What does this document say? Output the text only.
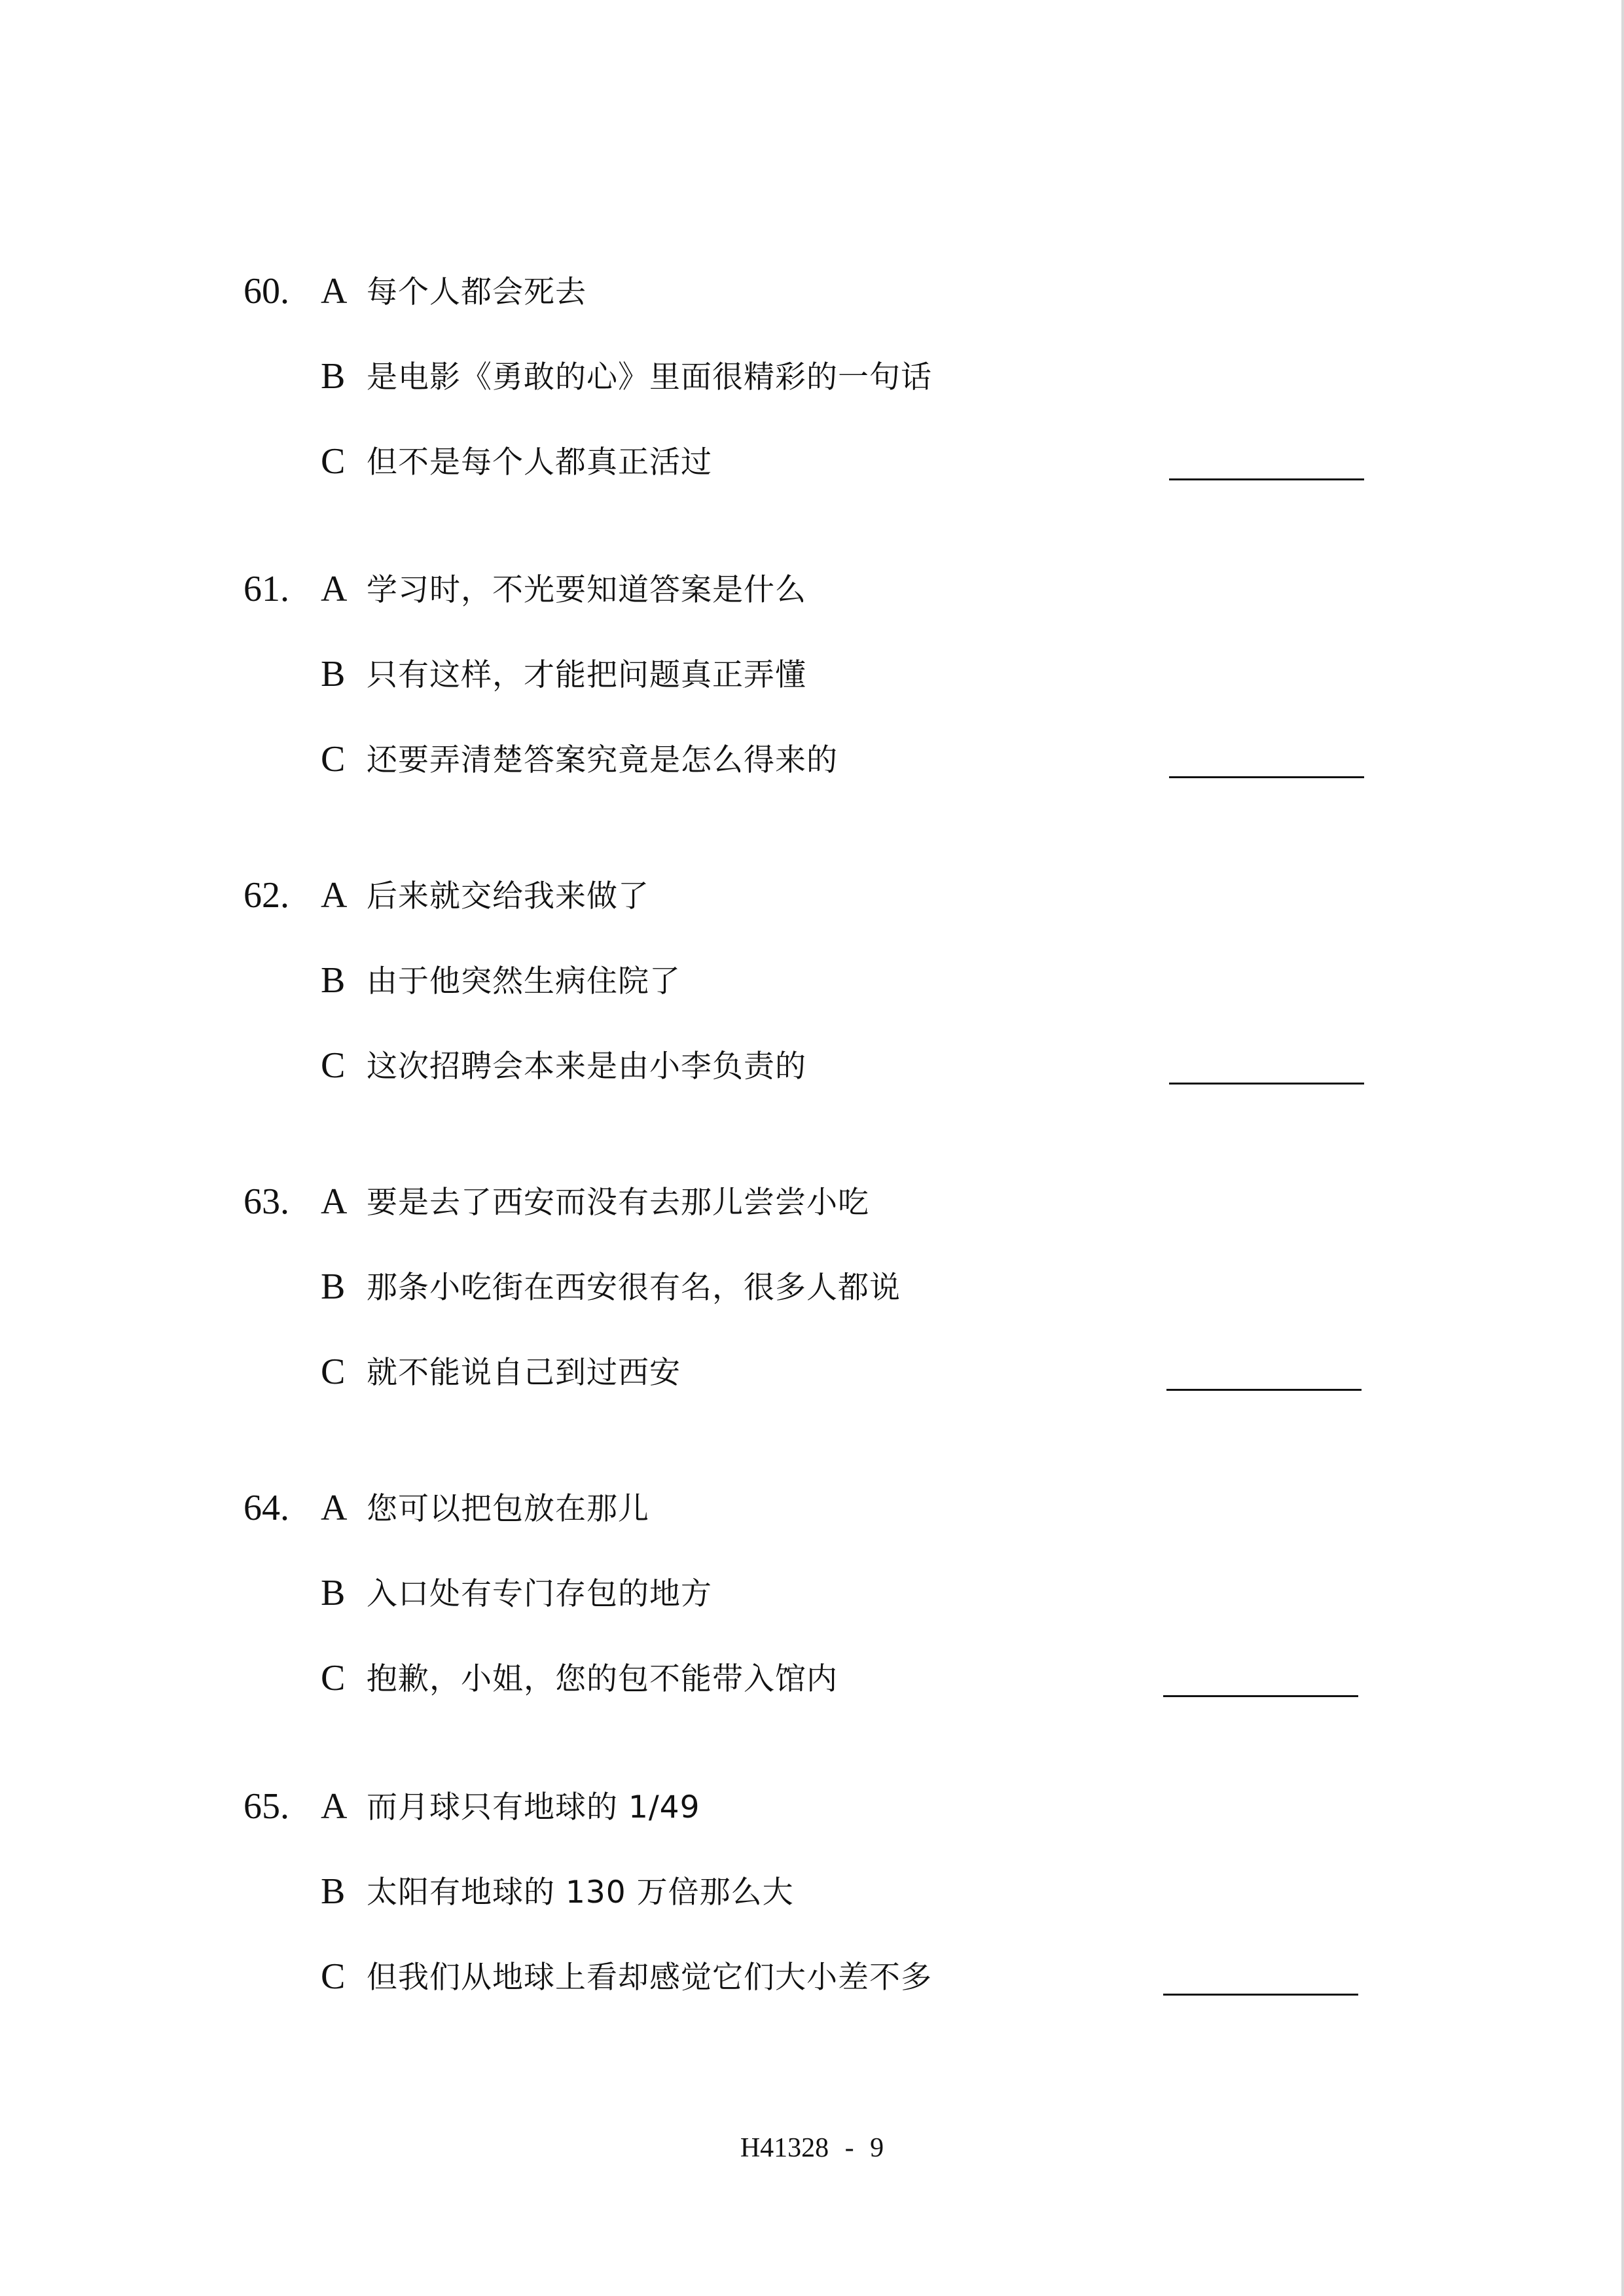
60. A 每个人都会死去
B 是电影《勇敢的心》里面很精彩的一句话
C 但不是每个人都真正活过
61. A 学习时，不光要知道答案是什么
B 只有这样，才能把问题真正弄懂
C 还要弄清楚答案究竟是怎么得来的
62. A 后来就交给我来做了
B 由于他突然生病住院了
C 这次招聘会本来是由小李负责的
63. A 要是去了西安而没有去那儿尝尝小吃
B 那条小吃街在西安很有名，很多人都说
C 就不能说自己到过西安
64. A 您可以把包放在那儿
B 入口处有专门存包的地方
C 抱歉，小姐，您的包不能带入馆内
65. A 而月球只有地球的 1/49
B 太阳有地球的 130 万倍那么大
C 但我们从地球上看却感觉它们大小差不多
H41328 - 9
